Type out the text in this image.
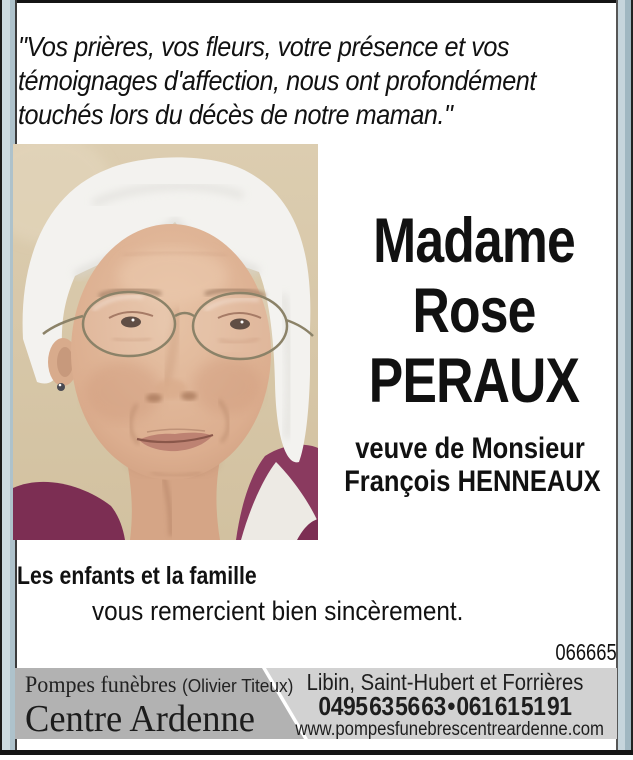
"Vos prières, vos fleurs, votre présence et vos
témoignages d'affection, nous ont profondément
touchés lors du décès de notre maman."
Madame
Rose
PERAUX
veuve de Monsieur
François HENNEAUX
Les enfants et la famille
vous remercient bien sincèrement.
066665
Pompes funèbres (Olivier Titeux)
Centre Ardenne
Libin, Saint-Hubert et Forrières
0495 63 56 63 • 061 61 51 91
www.pompesfunebrescentreardenne.com
